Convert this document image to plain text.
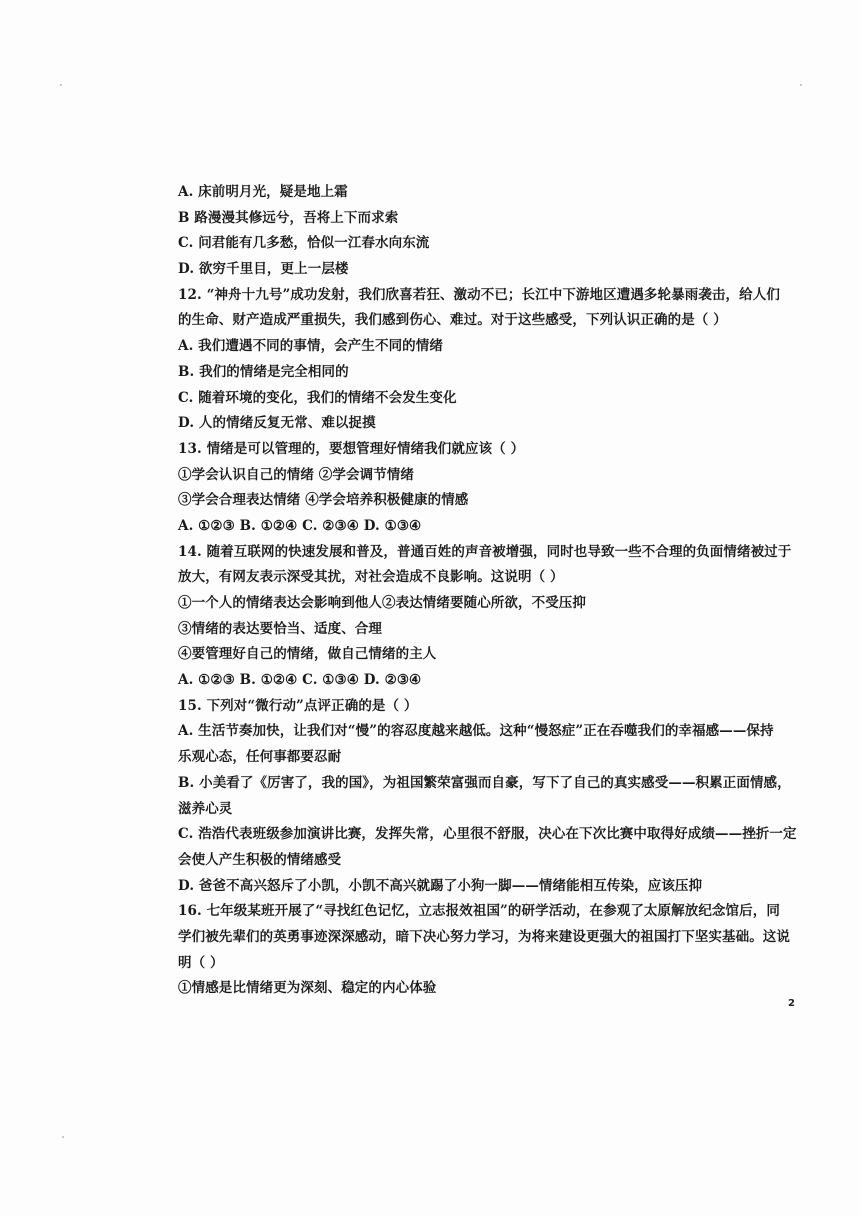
A. 床前明月光，疑是地上霜
B 路漫漫其修远兮，吾将上下而求索
C. 问君能有几多愁，恰似一江春水向东流
D. 欲穷千里目，更上一层楼
12. “神舟十九号”成功发射，我们欣喜若狂、激动不已；长江中下游地区遭遇多轮暴雨袭击，给人们
的生命、财产造成严重损失，我们感到伤心、难过。对于这些感受，下列认识正确的是（ ）
A. 我们遭遇不同的事情，会产生不同的情绪
B. 我们的情绪是完全相同的
C. 随着环境的变化，我们的情绪不会发生变化
D. 人的情绪反复无常、难以捉摸
13. 情绪是可以管理的，要想管理好情绪我们就应该（ ）
①学会认识自己的情绪 ②学会调节情绪
③学会合理表达情绪 ④学会培养积极健康的情感
A. ①②③ B. ①②④ C. ②③④ D. ①③④
14. 随着互联网的快速发展和普及，普通百姓的声音被增强，同时也导致一些不合理的负面情绪被过于
放大，有网友表示深受其扰，对社会造成不良影响。这说明（ ）
①一个人的情绪表达会影响到他人②表达情绪要随心所欲，不受压抑
③情绪的表达要恰当、适度、合理
④要管理好自己的情绪，做自己情绪的主人
A. ①②③ B. ①②④ C. ①③④ D. ②③④
15. 下列对“微行动”点评正确的是（ ）
A. 生活节奏加快，让我们对“慢”的容忍度越来越低。这种“慢怒症”正在吞噬我们的幸福感——保持
乐观心态，任何事都要忍耐
B. 小美看了《厉害了，我的国》，为祖国繁荣富强而自豪，写下了自己的真实感受——积累正面情感，
滋养心灵
C. 浩浩代表班级参加演讲比赛，发挥失常，心里很不舒服，决心在下次比赛中取得好成绩——挫折一定
会使人产生积极的情绪感受
D. 爸爸不高兴怒斥了小凯，小凯不高兴就踢了小狗一脚——情绪能相互传染，应该压抑
16. 七年级某班开展了“寻找红色记忆，立志报效祖国”的研学活动，在参观了太原解放纪念馆后，同
学们被先辈们的英勇事迹深深感动，暗下决心努力学习，为将来建设更强大的祖国打下坚实基础。这说
明（ ）
①情感是比情绪更为深刻、稳定的内心体验
2
